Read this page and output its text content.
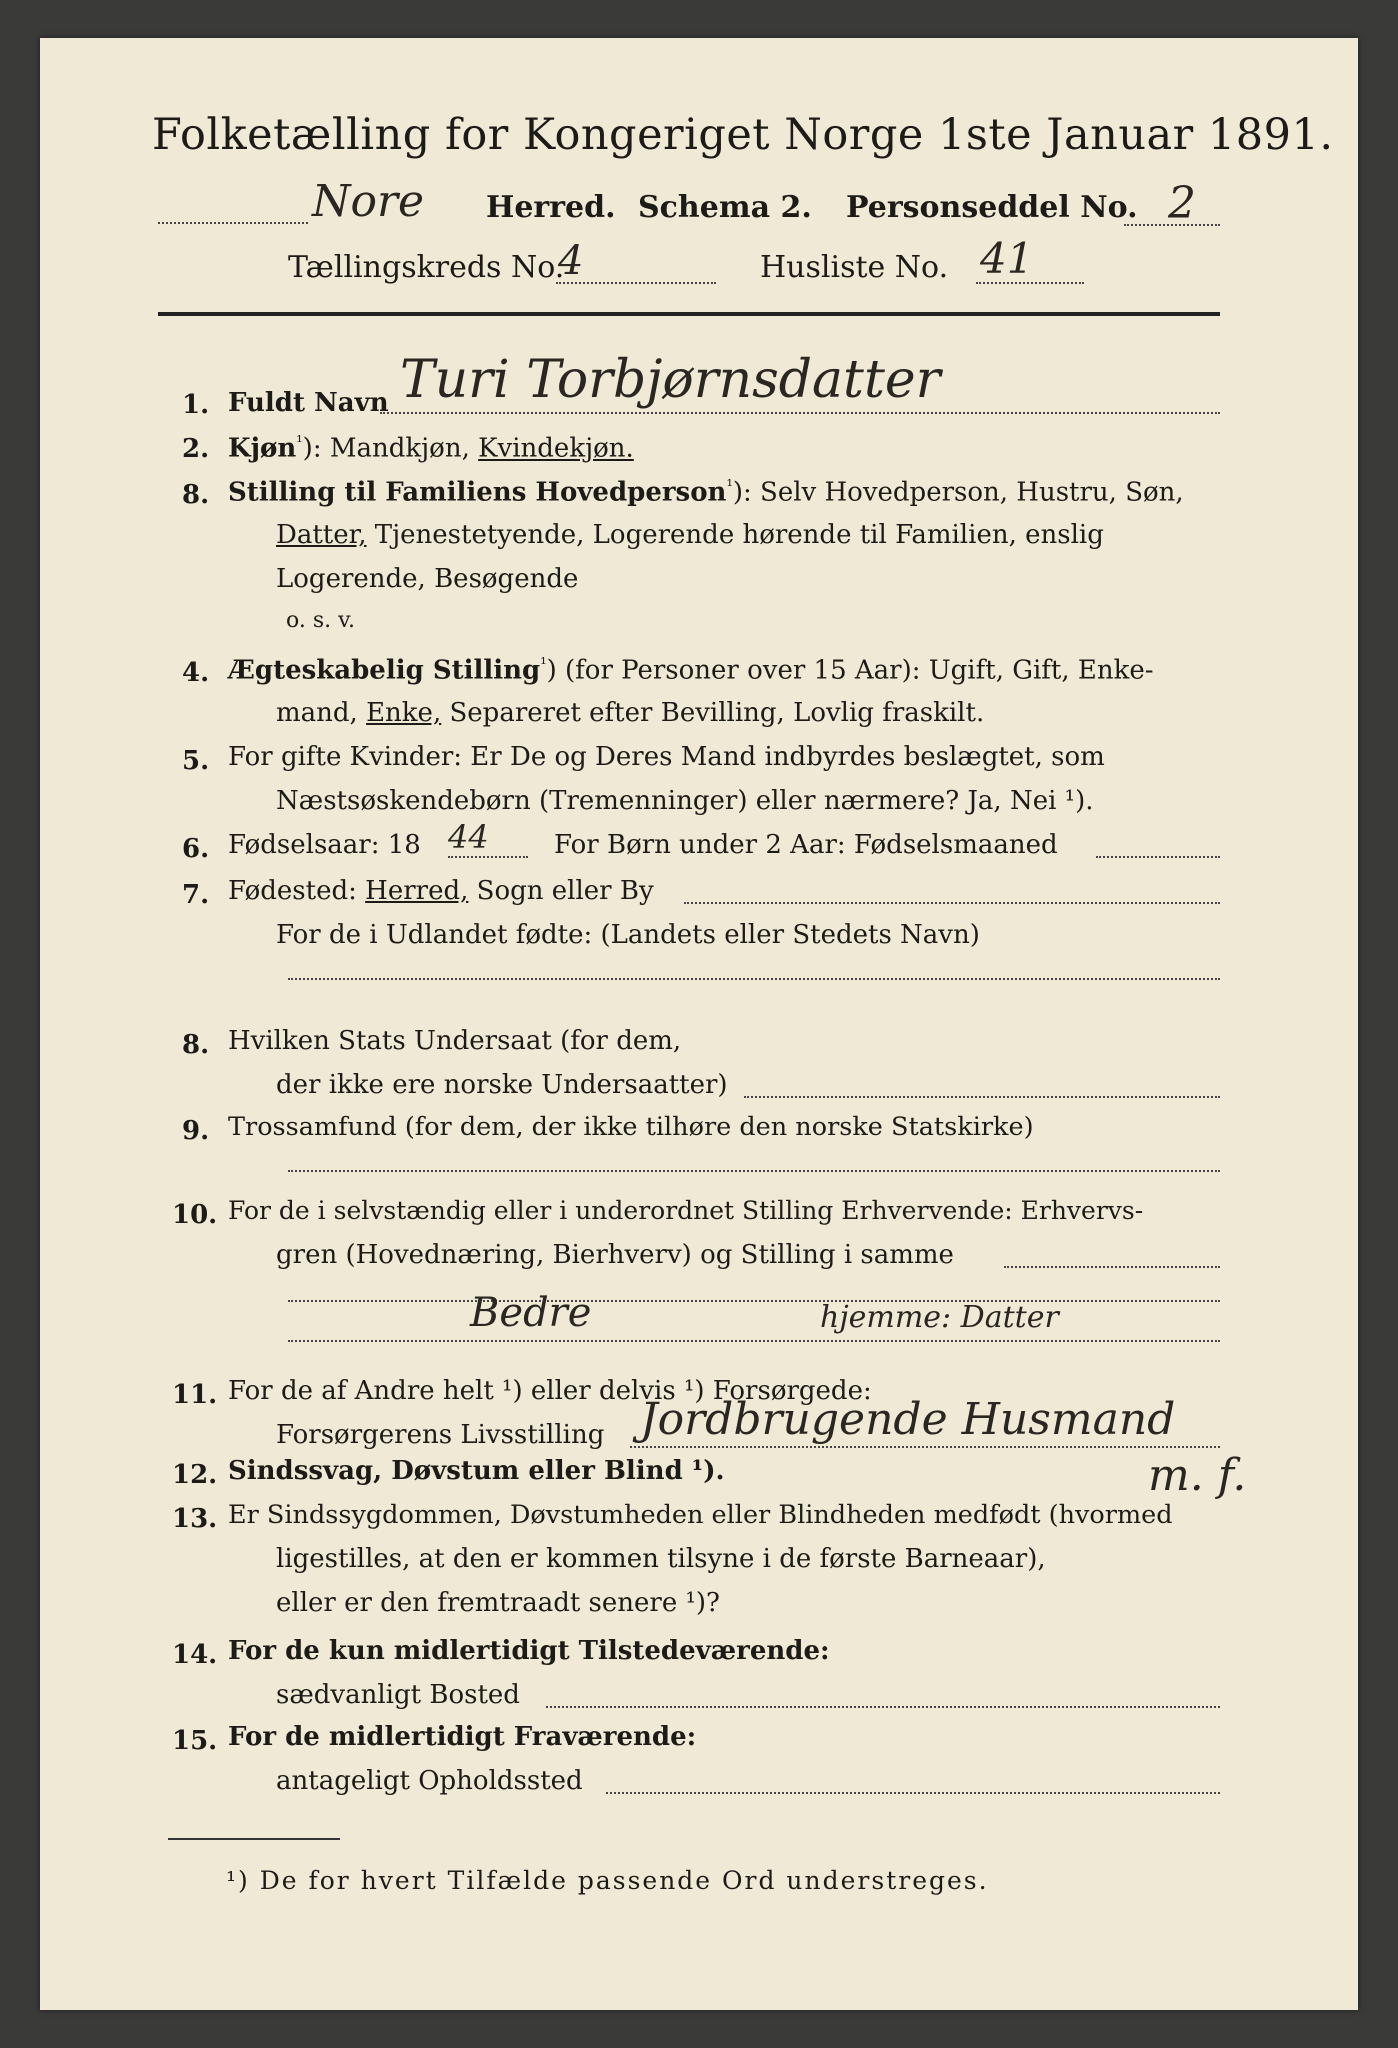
Folketælling for Kongeriget Norge 1ste Januar 1891.
Nore Herred. Schema 2. Personseddel No. 2
Tællingskreds No.
4	Husliste No. 41
1. Fuldt Navn Turi Torbjørnsdatter
2. Kjøn$^{^1}$): Mandkjøn, Kvindekjøn.
8. Stilling til Familiens Hovedperson$^{^1}$): Selv Hovedperson, Hustru, Søn,
Datter, Tjenestetyende, Logerende hørende til Familien, enslig
Logerende, Besøgende
o. s. v.
4. Ægteskabelig Stilling$^{^1}$) (for Personer over 15 Aar): Ugift, Gift, Enke-
mand, Enke, Separeret efter Bevilling, Lovlig fraskilt.
5. For gifte Kvinder: Er De og Deres Mand indbyrdes beslægtet, som
Næstsøskendebørn (Tremenninger) eller nærmere? Ja, Nei ¹).
6. Fødselsaar: 18 44	For Børn under 2 Aar: Fødselsmaaned
7. Fødested: Herred, Sogn eller By
For de i Udlandet fødte: (Landets eller Stedets Navn)
8. Hvilken Stats Undersaat (for dem,
der ikke ere norske Undersaatter)
9. Trossamfund (for dem, der ikke tilhøre den norske Statskirke)
10. For de i selvstændig eller i underordnet Stilling Erhvervende: Erhvervs-
gren (Hovednæring, Bierhverv) og Stilling i samme
Bedre	hjemme: Datter
11. For de af Andre helt ¹) eller delvis ¹) Forsørgede:
Forsørgerens Livsstilling Jordbrugende Husmand
12. Sindssvag, Døvstum eller Blind ¹).	m. f.
13. Er Sindssygdommen, Døvstumheden eller Blindheden medfødt (hvormed
ligestilles, at den er kommen tilsyne i de første Barneaar),
eller er den fremtraadt senere ¹)?
14. For de kun midlertidigt Tilstedeværende:
sædvanligt Bosted
15. For de midlertidigt Fraværende:
antageligt Opholdssted
¹) De for hvert Tilfælde passende Ord understreges.
